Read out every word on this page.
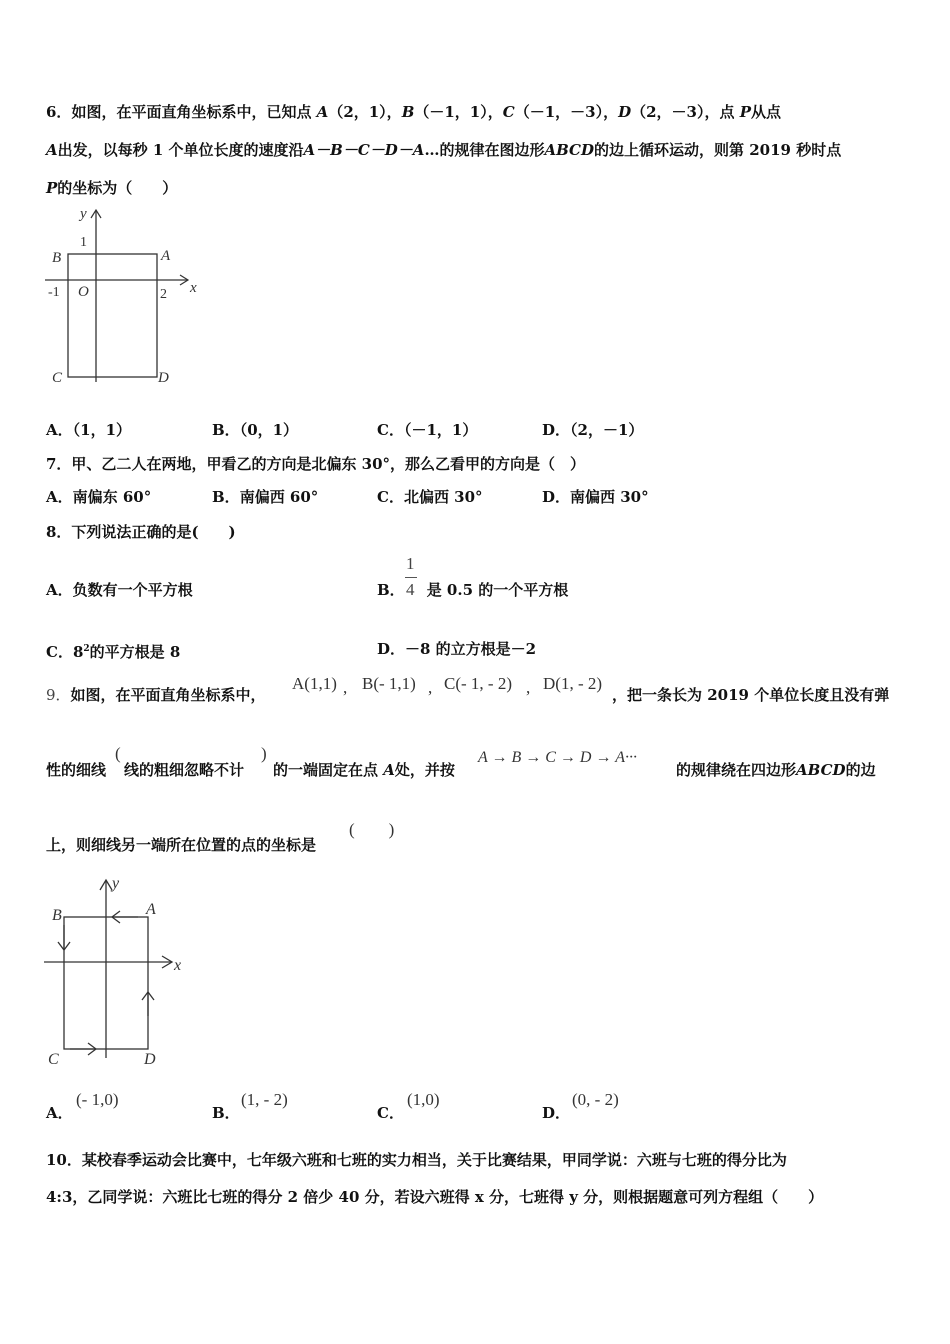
6．如图，在平面直角坐标系中，已知点 A（2，1），B（－1，1），C（－1，－3），D（2，－3），点 P从点
A出发，以每秒 1 个单位长度的速度沿A－B－C－D－A…的规律在图边形ABCD的边上循环运动，则第 2019 秒时点
P的坐标为（　　）
y
1
B	A
-1 O	2 x
C	D
A．（1，1）	B．（0，1）	C．（－1，1）	D．（2，－1）
7．甲、乙二人在两地，甲看乙的方向是北偏东 30°，那么乙看甲的方向是（　）
A．南偏东 60°	B．南偏西 60°	C．北偏西 30°	D．南偏西 30°
8．下列说法正确的是(　　)
A．负数有一个平方根	B． 是 0.5 的一个平方根
1
4
C．$8^2$的平方根是 8	D．－8 的立方根是－2
9．如图，在平面直角坐标系中，
A(1,1) , B(- 1,1) , C(- 1, - 2) , D(1, - 2)
，把一条长为 2019 个单位长度且没有弹
性的细线
(
线的粗细忽略不计
)
的一端固定在点 A处，并按
A → B → C → D → A···
的规律绕在四边形ABCD的边
上，则细线另一端所在位置的点的坐标是
(　　)
y
B	A
x
C	D
A．
(- 1,0)
B．
(1, - 2)
C．
(1,0)
D．
(0, - 2)
10．某校春季运动会比赛中，七年级六班和七班的实力相当，关于比赛结果，甲同学说：六班与七班的得分比为
4:3，乙同学说：六班比七班的得分 2 倍少 40 分，若设六班得 x 分，七班得 y 分，则根据题意可列方程组（　　）
